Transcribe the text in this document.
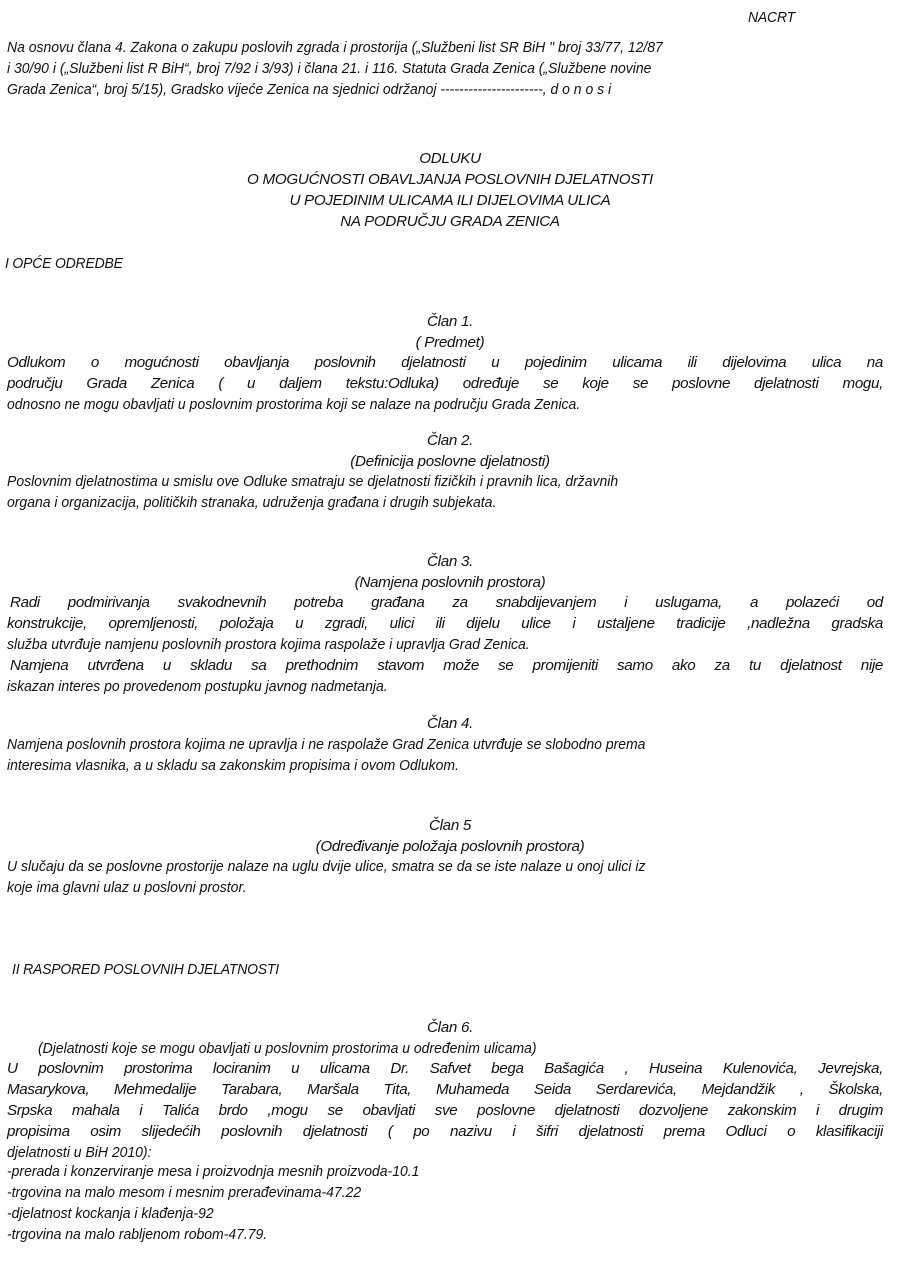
NACRT
Na osnovu člana 4. Zakona o zakupu poslovih zgrada i prostorija („Službeni list SR BiH " broj 33/77, 12/87
i 30/90 i („Službeni list R BiH“, broj 7/92 i 3/93) i člana 21. i 116. Statuta Grada Zenica („Službene novine
Grada Zenica“, broj 5/15), Gradsko vijeće Zenica na sjednici održanoj ----------------------, d o n o s i
ODLUKU
O MOGUĆNOSTI OBAVLJANJA POSLOVNIH DJELATNOSTI
U POJEDINIM ULICAMA ILI DIJELOVIMA ULICA
NA PODRUČJU GRADA ZENICA
I OPĆE ODREDBE
Član 1.
( Predmet)
Odlukom o mogućnosti obavljanja poslovnih djelatnosti u pojedinim ulicama ili dijelovima ulica na
području Grada Zenica ( u daljem tekstu:Odluka) određuje se koje se poslovne djelatnosti mogu,
odnosno ne mogu obavljati u poslovnim prostorima koji se nalaze na području Grada Zenica.
Član 2.
(Definicija poslovne djelatnosti)
Poslovnim djelatnostima u smislu ove Odluke smatraju se djelatnosti fizičkih i pravnih lica, državnih
organa i organizacija, političkih stranaka, udruženja građana i drugih subjekata.
Član 3.
(Namjena poslovnih prostora)
Radi podmirivanja svakodnevnih potreba građana za snabdijevanjem i uslugama, a polazeći od
konstrukcije, opremljenosti, položaja u zgradi, ulici ili dijelu ulice i ustaljene tradicije ,nadležna gradska
služba utvrđuje namjenu poslovnih prostora kojima raspolaže i upravlja Grad Zenica.
Namjena utvrđena u skladu sa prethodnim stavom može se promijeniti samo ako za tu djelatnost nije
iskazan interes po provedenom postupku javnog nadmetanja.
Član 4.
Namjena poslovnih prostora kojima ne upravlja i ne raspolaže Grad Zenica utvrđuje se slobodno prema
interesima vlasnika, a u skladu sa zakonskim propisima i ovom Odlukom.
Član 5
(Određivanje položaja poslovnih prostora)
U slučaju da se poslovne prostorije nalaze na uglu dvije ulice, smatra se da se iste nalaze u onoj ulici iz
koje ima glavni ulaz u poslovni prostor.
II RASPORED POSLOVNIH DJELATNOSTI
Član 6.
(Djelatnosti koje se mogu obavljati u poslovnim prostorima u određenim ulicama)
U poslovnim prostorima lociranim u ulicama Dr. Safvet bega Bašagića , Huseina Kulenovića, Jevrejska,
Masarykova, Mehmedalije Tarabara, Maršala Tita, Muhameda Seida Serdarevića, Mejdandžik , Školska,
Srpska mahala i Talića brdo ,mogu se obavljati sve poslovne djelatnosti dozvoljene zakonskim i drugim
propisima osim slijedećih poslovnih djelatnosti ( po nazivu i šifri djelatnosti prema Odluci o klasifikaciji
djelatnosti u BiH 2010):
-prerada i konzerviranje mesa i proizvodnja mesnih proizvoda-10.1
-trgovina na malo mesom i mesnim prerađevinama-47.22
-djelatnost kockanja i klađenja-92
-trgovina na malo rabljenom robom-47.79.
